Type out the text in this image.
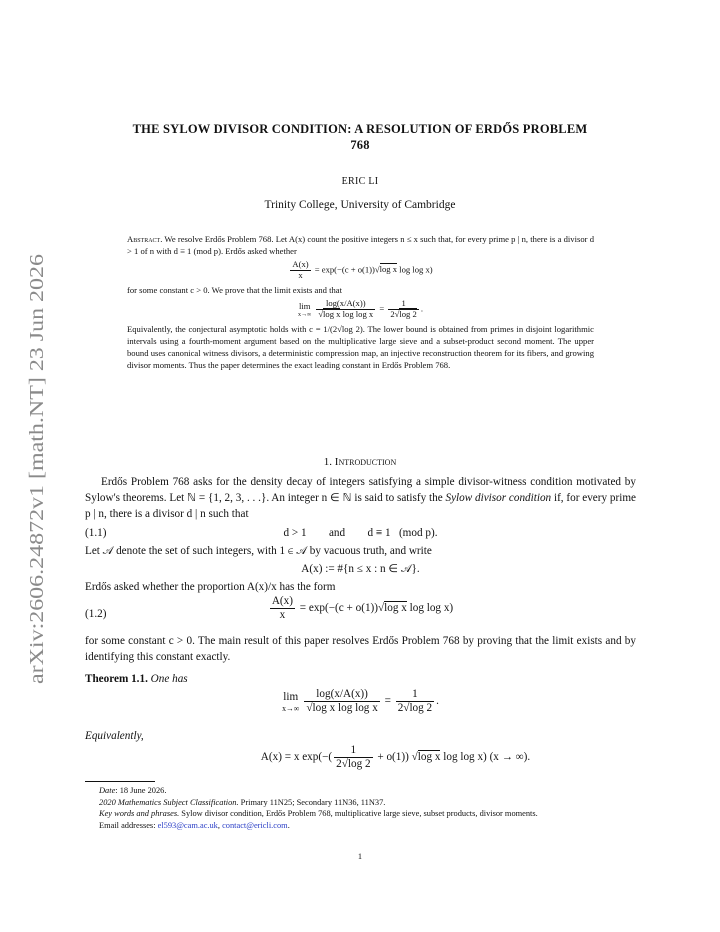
arXiv:2606.24872v1 [math.NT] 23 Jun 2026
THE SYLOW DIVISOR CONDITION: A RESOLUTION OF ERDŐS PROBLEM
768
ERIC LI
Trinity College, University of Cambridge

Abstract. We resolve Erdős Problem 768. Let A(x) count the positive integers n ≤ x such that, for every prime p | n, there is a divisor d > 1 of n with d ≡ 1 (mod p). Erdős asked whether

$\frac{A(x)}{x} = \exp(-(c + o(1))√\log$ x log log x)

for some constant c > 0. We prove that the limit exists and that

lim
$x\to\infty \frac{\log(x/A(x))}{\text{√log x log log x}} = \frac{1}{2√\log 2}$ .

Equivalently, the conjectural asymptotic holds with c = 1/(2√log 2). The lower bound is obtained from primes in disjoint logarithmic intervals using a fourth-moment argument based on the multiplicative large sieve and a subset-product second moment. The upper bound uses canonical witness divisors, a deterministic compression map, an injective reconstruction theorem for its fibers, and growing divisor moments. Thus the paper determines the exact leading constant in Erdős Problem 768.

1. Introduction

Erdős Problem 768 asks for the density decay of integers satisfying a simple divisor-witness condition motivated by Sylow's theorems. Let ℕ = {1, 2, 3, . . .}. An integer n ∈ ℕ is said to satisfy the Sylow divisor condition if, for every prime p | n, there is a divisor d | n such that

(1.1)	d > 1        and        d ≡ 1   (mod p).

Let 𝒜 denote the set of such integers, with 1 ∈ 𝒜 by vacuous truth, and write

A(x) := #{n ≤ x : n ∈ 𝒜}.

Erdős asked whether the proportion A(x)/x has the form

(1.2)	$\frac{A(x)}{x} = \exp(-(c + o(1))√\log$ x log log x)

for some constant c > 0. The main result of this paper resolves Erdős Problem 768 by proving that the limit exists and by identifying this constant exactly.

Theorem 1.1. One has

lim
$x\to\infty \frac{\log(x/A(x))}{\text{√log x log log x}} = \frac{1}{2√\log 2}$ .

Equivalently,

A(x) = x $\exp(-( \frac{1}{2√\log 2} + o(1))$ √log x log log x) (x → ∞).

Date: 18 June 2026.

2020 Mathematics Subject Classification. Primary 11N25; Secondary 11N36, 11N37.

Key words and phrases. Sylow divisor condition, Erdős Problem 768, multiplicative large sieve, subset products, divisor moments.

Email addresses: el593@cam.ac.uk, contact@ericli.com.

1
